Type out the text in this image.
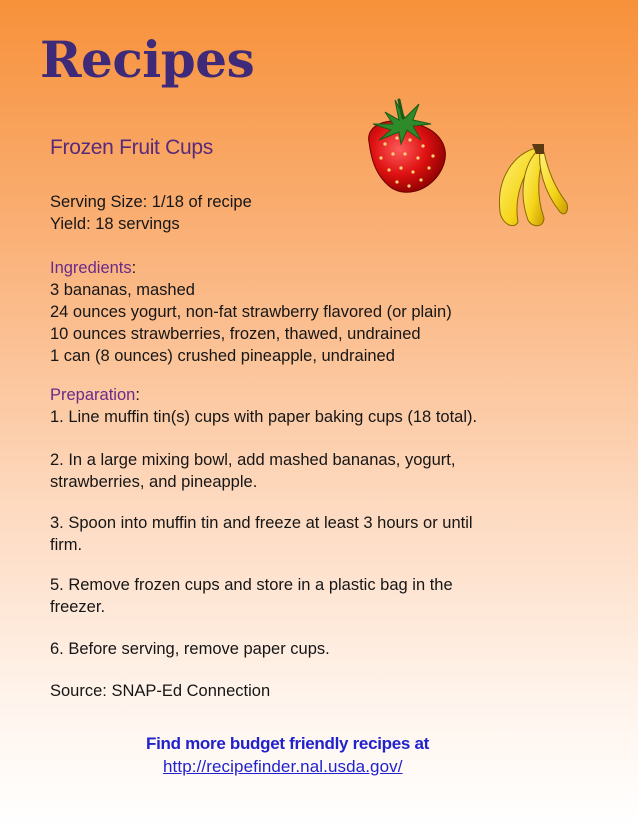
Recipes
Frozen Fruit Cups
Serving Size: 1/18 of recipe
Yield: 18 servings
Ingredients:
3 bananas, mashed
24 ounces yogurt, non-fat strawberry flavored (or plain)
10 ounces strawberries, frozen, thawed, undrained
1 can (8 ounces) crushed pineapple, undrained
Preparation:
1. Line muffin tin(s) cups with paper baking cups (18 total).
2. In a large mixing bowl, add mashed bananas, yogurt,
strawberries, and pineapple.
3. Spoon into muffin tin and freeze at least 3 hours or until
firm.
5. Remove frozen cups and store in a plastic bag in the
freezer.
6. Before serving, remove paper cups.
Source: SNAP-Ed Connection
Find more budget friendly recipes at
http://recipefinder.nal.usda.gov/
